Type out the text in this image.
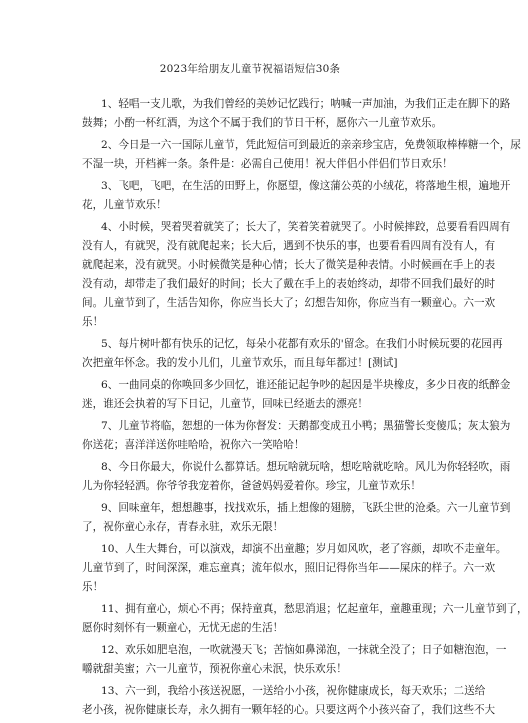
2023年给朋友儿童节祝福语短信30条
1、轻唱一支儿歌，为我们曾经的美妙记忆践行；呐喊一声加油，为我们正走在脚下的路
鼓舞；小酌一杯红酒，为这个不属于我们的节日干杯，愿你六一儿童节欢乐。
2、今日是一六一国际儿童节，凭此短信可到最近的亲亲珍宝店，免费领取棒棒糖一个，尿
不湿一块，开档裤一条。条件是：必需自己使用！祝大伴侣小伴侣们节日欢乐！
3、飞吧，飞吧，在生活的田野上，你愿望，像这蒲公英的小绒花，将落地生根，遍地开
花，儿童节欢乐！
4、小时候，哭着哭着就笑了；长大了，笑着笑着就哭了。小时候摔跤，总要看看四周有
没有人，有就哭，没有就爬起来；长大后，遇到不快乐的事，也要看看四周有没有人，有
就爬起来，没有就哭。小时候微笑是种心情；长大了微笑是种表情。小时候画在手上的表
没有动，却带走了我们最好的时间；长大了戴在手上的表始终动，却带不回我们最好的时
间。儿童节到了，生活告知你，你应当长大了；幻想告知你，你应当有一颗童心。六一欢
乐！
5、每片树叶都有快乐的记忆，每朵小花都有欢乐的'留念。在我们小时候玩要的花园再
次把童年怀念。我的发小儿们，儿童节欢乐，而且每年都过！[测试]
6、一曲同桌的你唤回多少回忆，谁还能记起争吵的起因是半块橡皮，多少日夜的纸醉金
迷，谁还会执着的写下日记，儿童节，回味已经逝去的漂亮！
7、儿童节将临，恕想的一体为你督发：天鹅都变成丑小鸭；黑猫警长变傻瓜；灰太狼为
你送花；喜洋洋送你哇哈哈，祝你六一笑哈哈！
8、今日你最大，你说什么都算话。想玩啥就玩啥，想吃啥就吃啥。风儿为你轻轻吹，雨
儿为你轻轻洒。你爷爷我宠着你，爸爸妈妈爱着你。珍宝，儿童节欢乐！
9、回味童年，想想趣事，找找欢乐，插上想像的翅膀，飞跃尘世的沧桑。六一儿童节到
了，祝你童心永存，青春永驻，欢乐无限！
10、人生大舞台，可以演戏，却演不出童趣；岁月如风吹，老了容颜，却吹不走童年。
儿童节到了，时间深深，难忘童真；流年似水，照旧记得你当年——屎床的样子。六一欢
乐！
11、拥有童心，烦心不再；保持童真，愁思消退；忆起童年，童趣重现；六一儿童节到了，
愿你时刻怀有一颗童心，无忧无虑的生活！
12、欢乐如肥皂泡，一吹就漫天飞；苦恼如鼻涕泡，一抹就全没了；日子如糖泡泡，一
嚼就甜美蜜；六一儿童节，预祝你童心未泯，快乐欢乐！
13、六一到，我给小孩送祝愿，一送给小小孩，祝你健康成长，每天欢乐；二送给
老小孩，祝你健康长寿，永久拥有一颗年轻的心。只要这两个小孩兴奋了，我们这些不大
